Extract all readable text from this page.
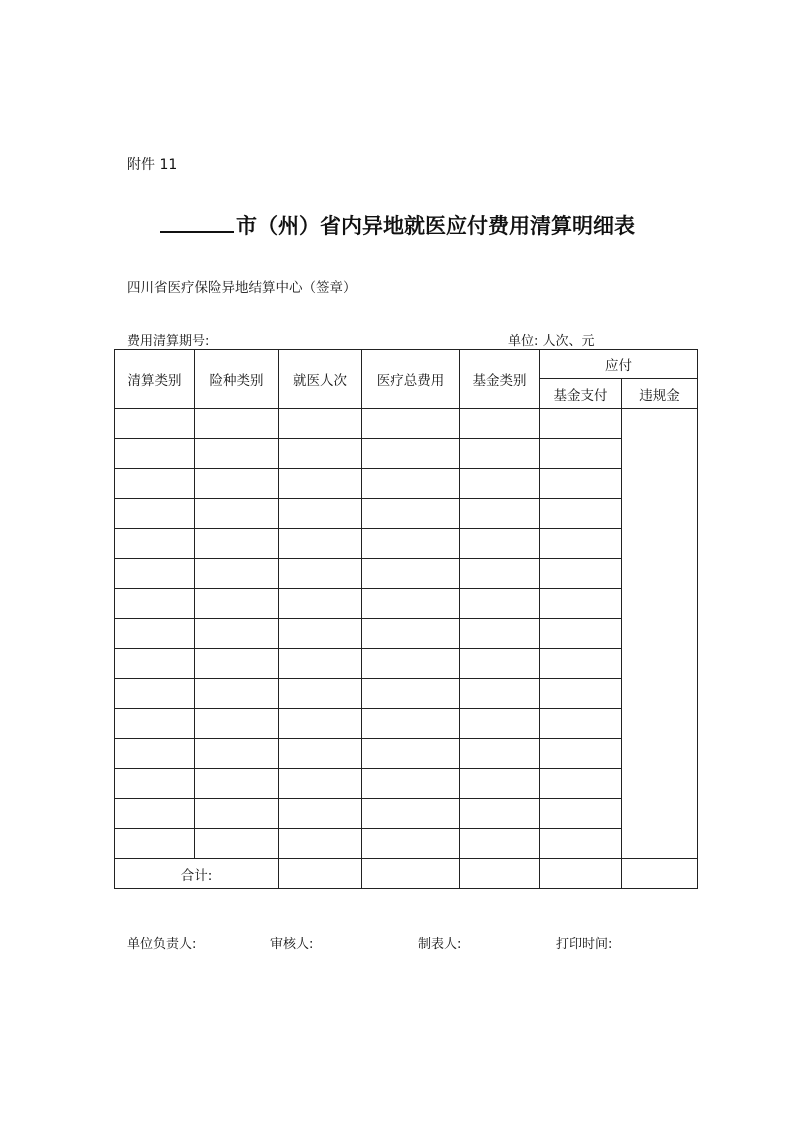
附件 11
市（州）省内异地就医应付费用清算明细表
四川省医疗保险异地结算中心（签章）
费用清算期号:	单位: 人次、元
清算类别	险种类别	就医人次	医疗总费用	基金类别	应付	
					基金支付	违规金

合计:						
单位负责人:	审核人:	制表人:	打印时间:
